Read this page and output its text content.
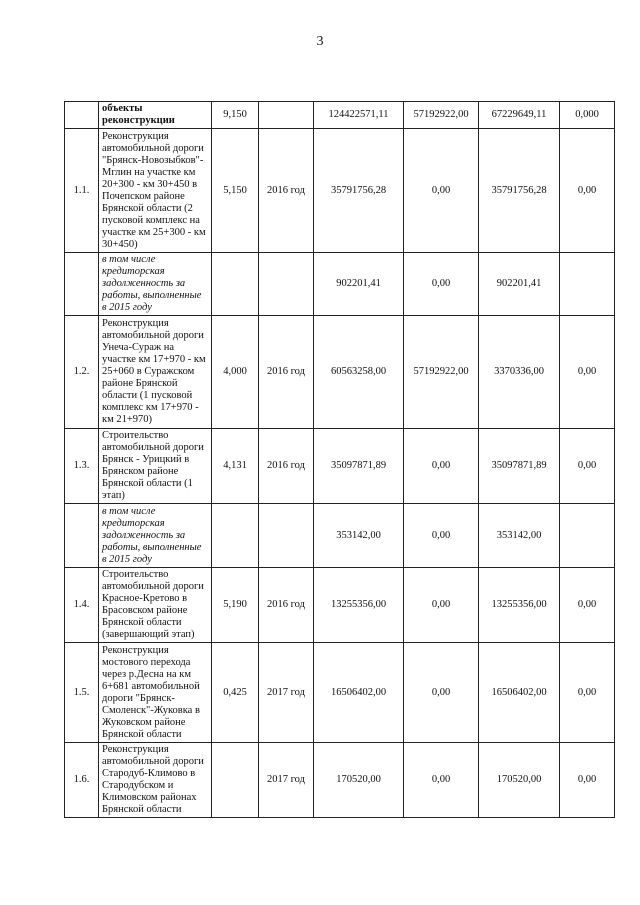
3
	объекты реконструкции	9,150		124422571,11	57192922,00	67229649,11	0,000
1.1.	Реконструкция автомобильной дороги "Брянск-Новозыбков"-Мглин на участке км 20+300 - км 30+450 в Почепском районе Брянской области (2 пусковой комплекс на участке км 25+300 - км 30+450)	5,150	2016 год	35791756,28	0,00	35791756,28	0,00
	в том числе кредиторская задолженность за работы, выполненные в 2015 году			902201,41	0,00	902201,41	
1.2.	Реконструкция автомобильной дороги Унеча-Сураж на участке км 17+970 - км 25+060 в Суражском районе Брянской области (1 пусковой комплекс км 17+970 - км 21+970)	4,000	2016 год	60563258,00	57192922,00	3370336,00	0,00
1.3.	Строительство автомобильной дороги Брянск - Урицкий в Брянском районе Брянской области (1 этап)	4,131	2016 год	35097871,89	0,00	35097871,89	0,00
	в том числе кредиторская задолженность за работы, выполненные в 2015 году			353142,00	0,00	353142,00	
1.4.	Строительство автомобильной дороги Красное-Кретово в Брасовском районе Брянской области (завершающий этап)	5,190	2016 год	13255356,00	0,00	13255356,00	0,00
1.5.	Реконструкция мостового перехода через р.Десна на км 6+681 автомобильной дороги "Брянск-Смоленск"-Жуковка в Жуковском районе Брянской области	0,425	2017 год	16506402,00	0,00	16506402,00	0,00
1.6.	Реконструкция автомобильной дороги Стародуб-Климово в Стародубском и Климовском районах Брянской области		2017 год	170520,00	0,00	170520,00	0,00
